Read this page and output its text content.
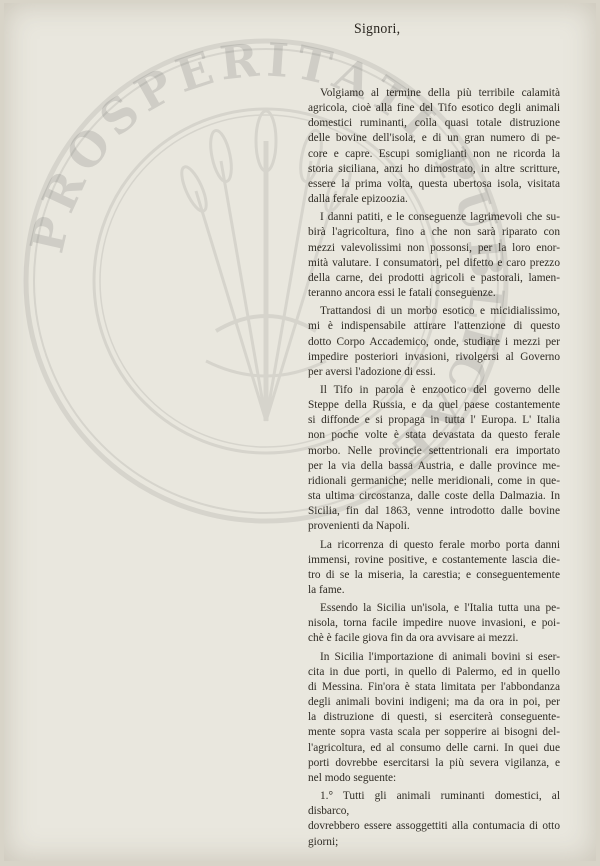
PROSPERITATI PUBLICAE
Signori,

Volgiamo al termine della più terribile calamità
agricola, cioè alla fine del Tifo esotico degli animali
domestici ruminanti, colla quasi totale distruzione
delle bovine dell'isola, e di un gran numero di pe-
core e capre. Escupi somiglianti non ne ricorda la
storia siciliana, anzi ho dimostrato, in altre scritture,
essere la prima volta, questa ubertosa isola, visitata
dalla ferale epizoozia.

I danni patiti, e le conseguenze lagrimevoli che su-
birà l'agricoltura, fino a che non sarà riparato con
mezzi valevolissimi non possonsi, per la loro enor-
mità valutare. I consumatori, pel difetto e caro prezzo
della carne, dei prodotti agricoli e pastorali, lamen-
teranno ancora essi le fatali conseguenze.

Trattandosi di un morbo esotico e micidialissimo,
mi è indispensabile attirare l'attenzione di questo
dotto Corpo Accademico, onde, studiare i mezzi per
impedire posteriori invasioni, rivolgersi al Governo
per aversi l'adozione di essi.

Il Tifo in parola è enzootico del governo delle
Steppe della Russia, e da quel paese costantemente
si diffonde e si propaga in tutta l' Europa. L' Italia
non poche volte è stata devastata da questo ferale
morbo. Nelle provincie settentrionali era importato
per la via della bassa Austria, e dalle province me-
ridionali germaniche; nelle meridionali, come in que-
sta ultima circostanza, dalle coste della Dalmazia. In
Sicilia, fin dal 1863, venne introdotto dalle bovine
provenienti da Napoli.

La ricorrenza di questo ferale morbo porta danni
immensi, rovine positive, e costantemente lascia die-
tro di se la miseria, la carestia; e conseguentemente
la fame.

Essendo la Sicilia un'isola, e l'Italia tutta una pe-
nisola, torna facile impedire nuove invasioni, e poi-
chè è facile giova fin da ora avvisare ai mezzi.

In Sicilia l'importazione di animali bovini si eser-
cita in due porti, in quello di Palermo, ed in quello
di Messina. Fin'ora è stata limitata per l'abbondanza
degli animali bovini indigeni; ma da ora in poi, per
la distruzione di questi, si eserciterà conseguente-
mente sopra vasta scala per sopperire ai bisogni del-
l'agricoltura, ed al consumo delle carni. In quei due
porti dovrebbe esercitarsi la più severa vigilanza, e
nel modo seguente:

1.° Tutti gli animali ruminanti domestici, al disbarco,
dovrebbero essere assoggettiti alla contumacia di otto
giorni;
